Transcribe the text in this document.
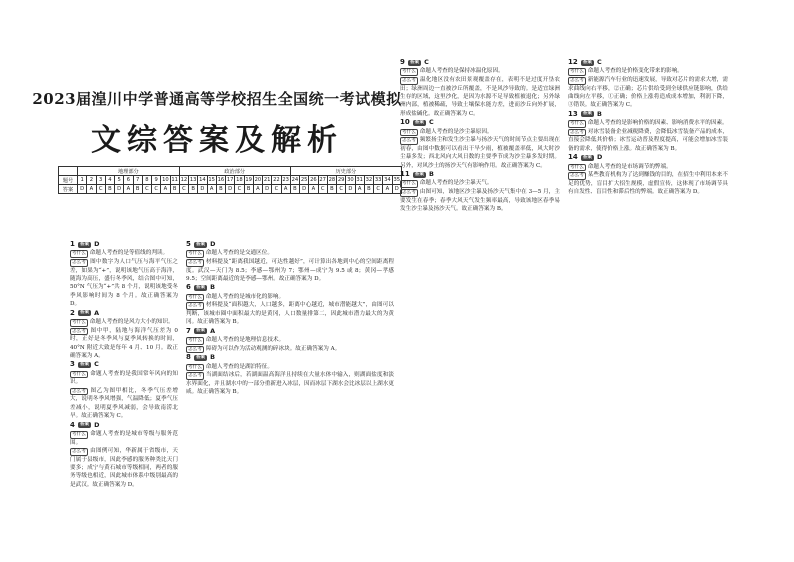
2023届湟川中学普通高等学校招生全国统一考试模拟
文综答案及解析
	地理部分											政治部分												历史部分											
题号	1	2	3	4	5	6	7	8	9	10	11	12	13	14	15	16	17	18	19	20	21	22	23	24	25	26	27	28	29	30	31	32	33	34	35
答案	D	A	C	B	D	A	B	C	C	A	B	C	B	D	A	B	D	C	B	A	D	C	A	B	D	A	C	B	C	D	A	B	C	A	D
1 答案 D
考什么 命题人考查的是等值线的判读。
怎么考 图中数字为人口气压与海平气压之差，如果为“+”，说明该地气压高于海洋，随海为高压，盛行冬季风，结合图中可知，50°N 气压为“+”共 8 个月，说明该地受冬季风影响时间为 8 个月。故正确答案为 D。
2 答案 A
考什么 命题人考查的是风力大小的知识。
怎么考 图中甲，陆地与海洋气压差为 0 时，正好是冬季风与夏季风转换的时间，40°N 附近大致是每年 4 月、10 月。故正确答案为 A。
3 答案 C
考什么 命题人考查的是我国常年风向的知识。
怎么考 图乙为图甲相比，冬季气压差增大，说明冬季风增强，气温降低；夏季气压差减小，说明夏季风减弱，会导致南涝北旱。故正确答案为 C。
4 答案 D
考什么 命题人考查的是城市等级与服务范围。
怎么考 由图例可知，华新属于省级市，天门属于县级市，因此李感的服务种类比天门要多；成宁与黄石城市等级相同，两者的服务等级也相近，因此城市体系中级别最高的是武汉。故正确答案为 D。
5 答案 D
考什么 命题人考查的是交通区位。
怎么考 材料提及“距离我国越近，可达性越好”，可计算出各地到中心的空间距离程度。武汉—天门为 8.5；李感—鄂州为 7；鄂州—成宁为 9.5 或 8；黄冈—孝感 9.5；空间距离最近的是李感—鄂州。故正确答案为 D。
6 答案 B
考什么 命题人考查的是城市化的影响。
怎么考 材料提及“面积越大，人口越多，距离中心越近，城市潜能越大”，由图可以判断，该城市圈中面积最大的是黄冈，人口数量排第二，因此城市潜力最大的为黄冈。故正确答案为 B。
7 答案 A
考什么 命题人考查的是地理信息技术。
怎么考 障碍为可以作为活动观测的碎冰块。故正确答案为 A。
8 答案 B
考什么 命题人考查的是湖泊特征。
怎么考 当湖面结冰后，若湖面温高海洋且持续在大量水体中输入，则湖面盐度和淡水界面化，并且湖水中的一部分重新进入冰层，因而冰层下湖水会比冰层以上湖水更咸。故正确答案为 B。
9 答案 C
考什么 命题人考查的是保持冰温化原因。
怎么考 温化地区没有农田景观覆盖存在，表明不是过度开垦农田；绿洲周边一直被沙丘所覆盖，不是风沙导致的。是适宜绿洲生存的区域，这里沙化，是因为水源不足导致植被退化；另外绿洲内部，植被稀疏，导致土壤保水能力差，进而沙丘向外扩展，形成盐碱化。故正确答案为 C。
10 答案 C
考什么 命题人考查的是沙尘暴原因。
怎么考 频繁扬尘和发生沙尘暴与扬沙天气的时间节点主要出现在初春，由图中数据可以看出干旱少雨，植被覆盖率低，风大时沙尘暴多发；西北风向大风日数的主要季节成为沙尘暴多发时期。另外，对风沙土的扬沙天气有影响作用。故正确答案为 C。
11 答案 B
考什么 命题人考查的是沙尘暴天气。
怎么考 由图可知，该地区沙尘暴及扬沙天气集中在 3—5 月，主要发生在春季；春季大风天气发生频率最高，导致该地区春季易发生沙尘暴及扬沙天气。故正确答案为 B。
12 答案 C
考什么 命题人考查的是价格变化带来的影响。
怎么考 新能源汽车行业的迅速发展，导致对芯片的需求大增，需求曲线向右平移，②正确；芯片供给受到全球供应链影响，供给曲线向左平移，①正确；价格上涨将造成成本增加，利润下降，③错误。故正确答案为 C。
13 答案 B
考什么 命题人考查的是影响价格的因素、影响消费水平的因素。
怎么考 对冰雪装备企业减税降费，会降低冰雪装备产品的成本，直接会降低其价格；冰雪运动普及程度提高，可能会增加冰雪装备的需求，使得价格上涨。故正确答案为 B。
14 答案 D
考什么 命题人考查的是市场调节的弊端。
怎么考 某些教育机构为了达到赚钱的目的，在招生中利用本来不足的优势，盲目扩大招生规模，虚假宣传，这体现了市场调节具有自发性、盲目性和滞后性的弊端。故正确答案为 D。
